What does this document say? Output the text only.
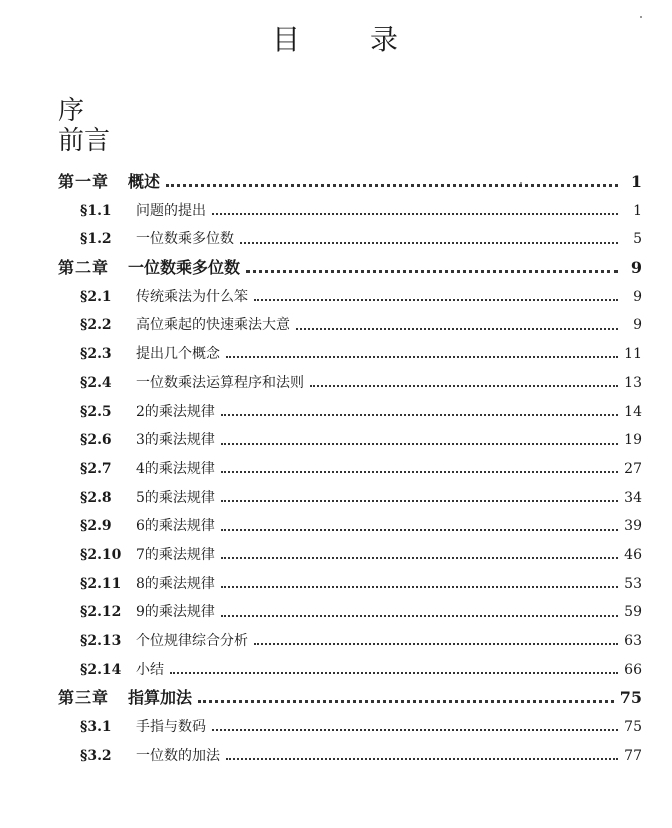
目 录
序
前言
第一章	概述	1
§1.1	问题的提出	1
§1.2	一位数乘多位数	5
第二章	一位数乘多位数	9
§2.1	传统乘法为什么笨	9
§2.2	高位乘起的快速乘法大意	9
§2.3	提出几个概念	11
§2.4	一位数乘法运算程序和法则	13
§2.5	2的乘法规律	14
§2.6	3的乘法规律	19
§2.7	4的乘法规律	27
§2.8	5的乘法规律	34
§2.9	6的乘法规律	39
§2.10	7的乘法规律	46
§2.11	8的乘法规律	53
§2.12	9的乘法规律	59
§2.13	个位规律综合分析	63
§2.14	小结	66
第三章	指算加法	75
§3.1	手指与数码	75
§3.2	一位数的加法	77
